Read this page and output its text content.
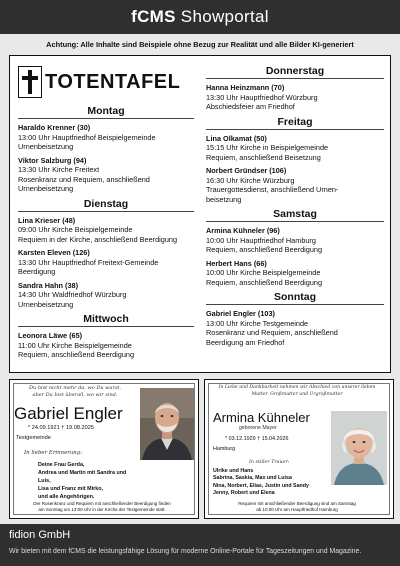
fCMS Showportal
Achtung: Alle Inhalte sind Beispiele ohne Bezug zur Realität und alle Bilder KI-generiert
TOTENTAFEL
Montag
Haraldo Krenner (30)
13:00 Uhr Hauptfriedhof Beispielgemeinde
Urnenbeisetzung
Viktor Salzburg (94)
13:30 Uhr Kirche Freitext
Rosenkranz und Requiem, anschließend
Urnenbeisetzung
Dienstag
Lina Krieser (48)
09:00 Uhr Kirche Beispielgemeinde
Requiem in der Kirche, anschließend Beerdigung
Karsten Eleven (126)
13:30 Uhr Hauptfriedhof Freitext-Gemeinde
Beerdigung
Sandra Hahn (38)
14:30 Uhr Waldfriedhof Würzburg
Urnenbeisetzung
Mittwoch
Leonora Läwe (65)
11:00 Uhr Kirche Beispielgemeinde
Requiem, anschließend Beerdigung
Donnerstag
Hanna Heinzmann (70)
13:30 Uhr Hauptfriedhof Würzburg
Abschiedsfeier am Friedhof
Freitag
Lina Olkamat (50)
15:15 Uhr Kirche in Beispielgemeinde
Requiem, anschließend Beisetzung
Norbert Gründser (106)
16:30 Uhr Kirche Würzburg
Trauergottesdienst, anschließend Urnen-
beisetzung
Samstag
Armina Kühneler (96)
10:00 Uhr Hauptfriedhof Hamburg
Requiem, anschließend Beerdigung
Herbert Hans (66)
10:00 Uhr Kirche Beispielgemeinde
Requiem, anschließend Beerdigung
Sonntag
Gabriel Engler (103)
13:00 Uhr Kirche Testgemeinde
Rosenkranz und Requiem, anschließend
Beerdigung am Friedhof
Du bist nicht mehr da, wo Du warst,
aber Du bist überall, wo wir sind.
Gabriel Engler
* 24.09.1921 † 19.08.2025
Testgemeinde
In lieber Erinnerung:
Deine Frau Gerda,
Andrea und Martin mit Sandra und Luis,
Lisa und Franz mit Mirko,
und alle Angehörigen.
Der Rosenkranz und Requiem mit anschließender Beerdigung finden
am Sonntag um 13:00 Uhr in der Kirche der Testgemeinde statt.
In Liebe und Dankbarkeit nehmen wir Abschied von unserer lieben
Mutter, Großmutter und Urgroßmutter
Armina Kühneler
geborene Mayer
* 03.12.1929 † 15.04.2026
Hamburg
In stiller Trauer:
Ulrike und Hans
Sabrina, Saskia, Max und Luisa
Nina, Norbert, Elias, Justin und Sandy
Jenny, Robert und Elena
Requiem mit anschließender Beerdigung sind am Samstag
ab 10:00 Uhr am Hauptfriedhof Hamburg
fidion GmbH
Wir bieten mit dem fCMS die leistungsfähige Lösung für moderne Online-Portale für Tageszeitungen und Magazine.
